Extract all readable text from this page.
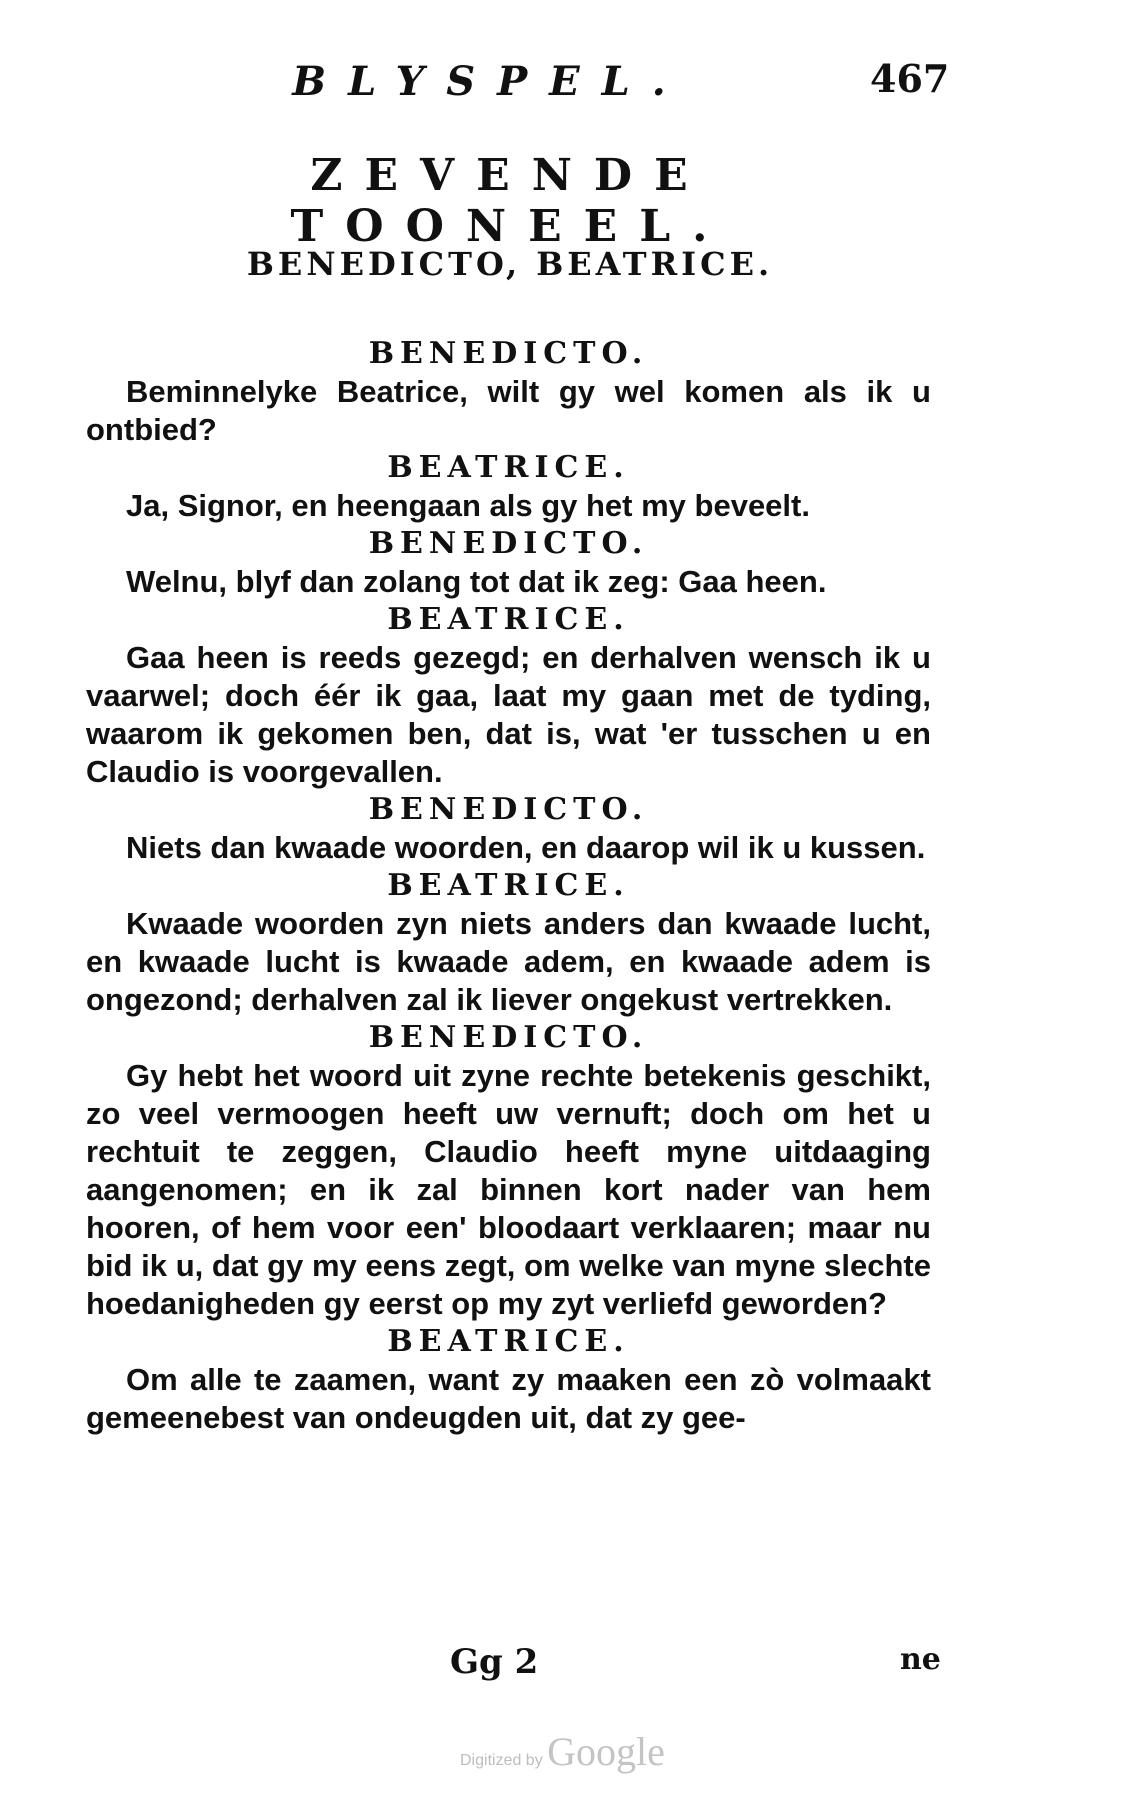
BLYSPEL.	467
ZEVENDE TOONEEL.
BENEDICTO, BEATRICE.

BENEDICTO.

Beminnelyke Beatrice, wilt gy wel komen als ik u ontbied?

BEATRICE.

Ja, Signor, en heengaan als gy het my beveelt.

BENEDICTO.

Welnu, blyf dan zolang tot dat ik zeg: Gaa heen.

BEATRICE.

Gaa heen is reeds gezegd; en derhalven wensch ik u vaarwel; doch éér ik gaa, laat my gaan met de tyding, waarom ik gekomen ben, dat is, wat 'er tusschen u en Claudio is voorgevallen.

BENEDICTO.

Niets dan kwaade woorden, en daarop wil ik u kussen.

BEATRICE.

Kwaade woorden zyn niets anders dan kwaade lucht, en kwaade lucht is kwaade adem, en kwaade adem is ongezond; derhalven zal ik liever ongekust vertrekken.

BENEDICTO.

Gy hebt het woord uit zyne rechte betekenis geschikt, zo veel vermoogen heeft uw vernuft; doch om het u rechtuit te zeggen, Claudio heeft myne uitdaaging aangenomen; en ik zal binnen kort nader van hem hooren, of hem voor een' bloodaart verklaaren; maar nu bid ik u, dat gy my eens zegt, om welke van myne slechte hoedanigheden gy eerst op my zyt verliefd geworden?

BEATRICE.

Om alle te zaamen, want zy maaken een zò volmaakt gemeenebest van ondeugden uit, dat zy gee-

Gg 2	ne
Digitized by Google
